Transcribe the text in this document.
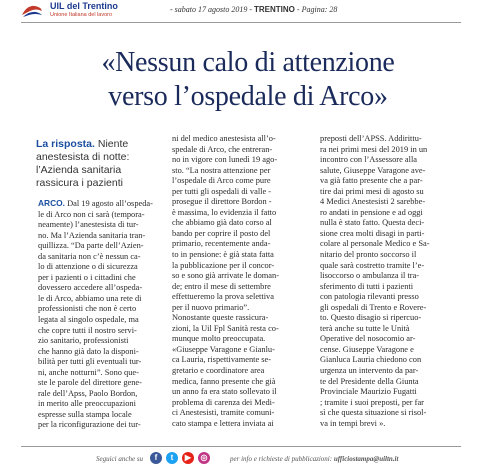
UIL del Trentino
Unione Italiana del lavoro
- sabato 17 agosto 2019 - TRENTINO - Pagina: 28
«Nessun calo di attenzione
verso l’ospedale di Arco»
La risposta. Niente anestesista di notte: l’Azienda sanitaria rassicura i pazienti
ARCO. Dal 19 agosto all’ospeda-
le di Arco non ci sarà (tempora-
neamente) l’anestesista di tur-
no. Ma l’Azienda sanitaria tran-
quillizza. “Da parte dell’Azien-
da sanitaria non c’è nessun ca-
lo di attenzione o di sicurezza
per i pazienti o i cittadini che
dovessero accedere all’ospeda-
le di Arco, abbiamo una rete di
professionisti che non è certo
legata al singolo ospedale, ma
che copre tutti il nostro servi-
zio sanitario, professionisti
che hanno già dato la disponi-
bilità per tutti gli eventuali tur-
ni, anche notturni”. Sono que-
ste le parole del direttore gene-
rale dell’Apss, Paolo Bordon,
in merito alle preoccupazioni
espresse sulla stampa locale
per la riconfigurazione dei tur-
ni del medico anestesista all’o-
spedale di Arco, che entreran-
no in vigore con lunedì 19 ago-
sto. “La nostra attenzione per
l’ospedale di Arco come pure
per tutti gli ospedali di valle -
prosegue il direttore Bordon -
è massima, lo evidenzia il fatto
che abbiamo già dato corso al
bando per coprire il posto del
primario, recentemente anda-
to in pensione: è già stata fatta
la pubblicazione per il concor-
so e sono già arrivate le doman-
de; entro il mese di settembre
effettueremo la prova selettiva
per il nuovo primario”.
Nonostante queste rassicura-
zioni, la Uil Fpl Sanità resta co-
munque molto preoccupata.
«Giuseppe Varagone e Gianlu-
ca Lauria, rispettivamente se-
gretario e coordinatore area
medica, fanno presente che già
un anno fa era stato sollevato il
problema di carenza dei Medi-
ci Anestesisti, tramite comuni-
cato stampa e lettera inviata ai
preposti dell’APSS. Addirittu-
ra nei primi mesi del 2019 in un
incontro con l’Assessore alla
salute, Giuseppe Varagone ave-
va già fatto presente che a par-
tire dai primi mesi di agosto su
4 Medici Anestesisti 2 sarebbe-
ro andati in pensione e ad oggi
nulla è stato fatto. Questa deci-
sione crea molti disagi in parti-
colare al personale Medico e Sa-
nitario del pronto soccorso il
quale sarà costretto tramite l’e-
lisoccorso o ambulanza il tra-
sferimento di tutti i pazienti
con patologia rilevanti presso
gli ospedali di Trento e Rovere-
to. Questo disagio si ripercuo-
terà anche su tutte le Unità
Operative del nosocomio ar-
cense. Giuseppe Varagone e
Gianluca Lauria chiedono con
urgenza un intervento da par-
te del Presidente della Giunta
Provinciale Maurizio Fugatti
; tramite i suoi preposti, per far
sì che questa situazione si risol-
va in tempi brevi ».
Seguici anche su	f	t	▶	◎	per info e richieste di pubblicazioni: ufficiostampa@uiltn.it
